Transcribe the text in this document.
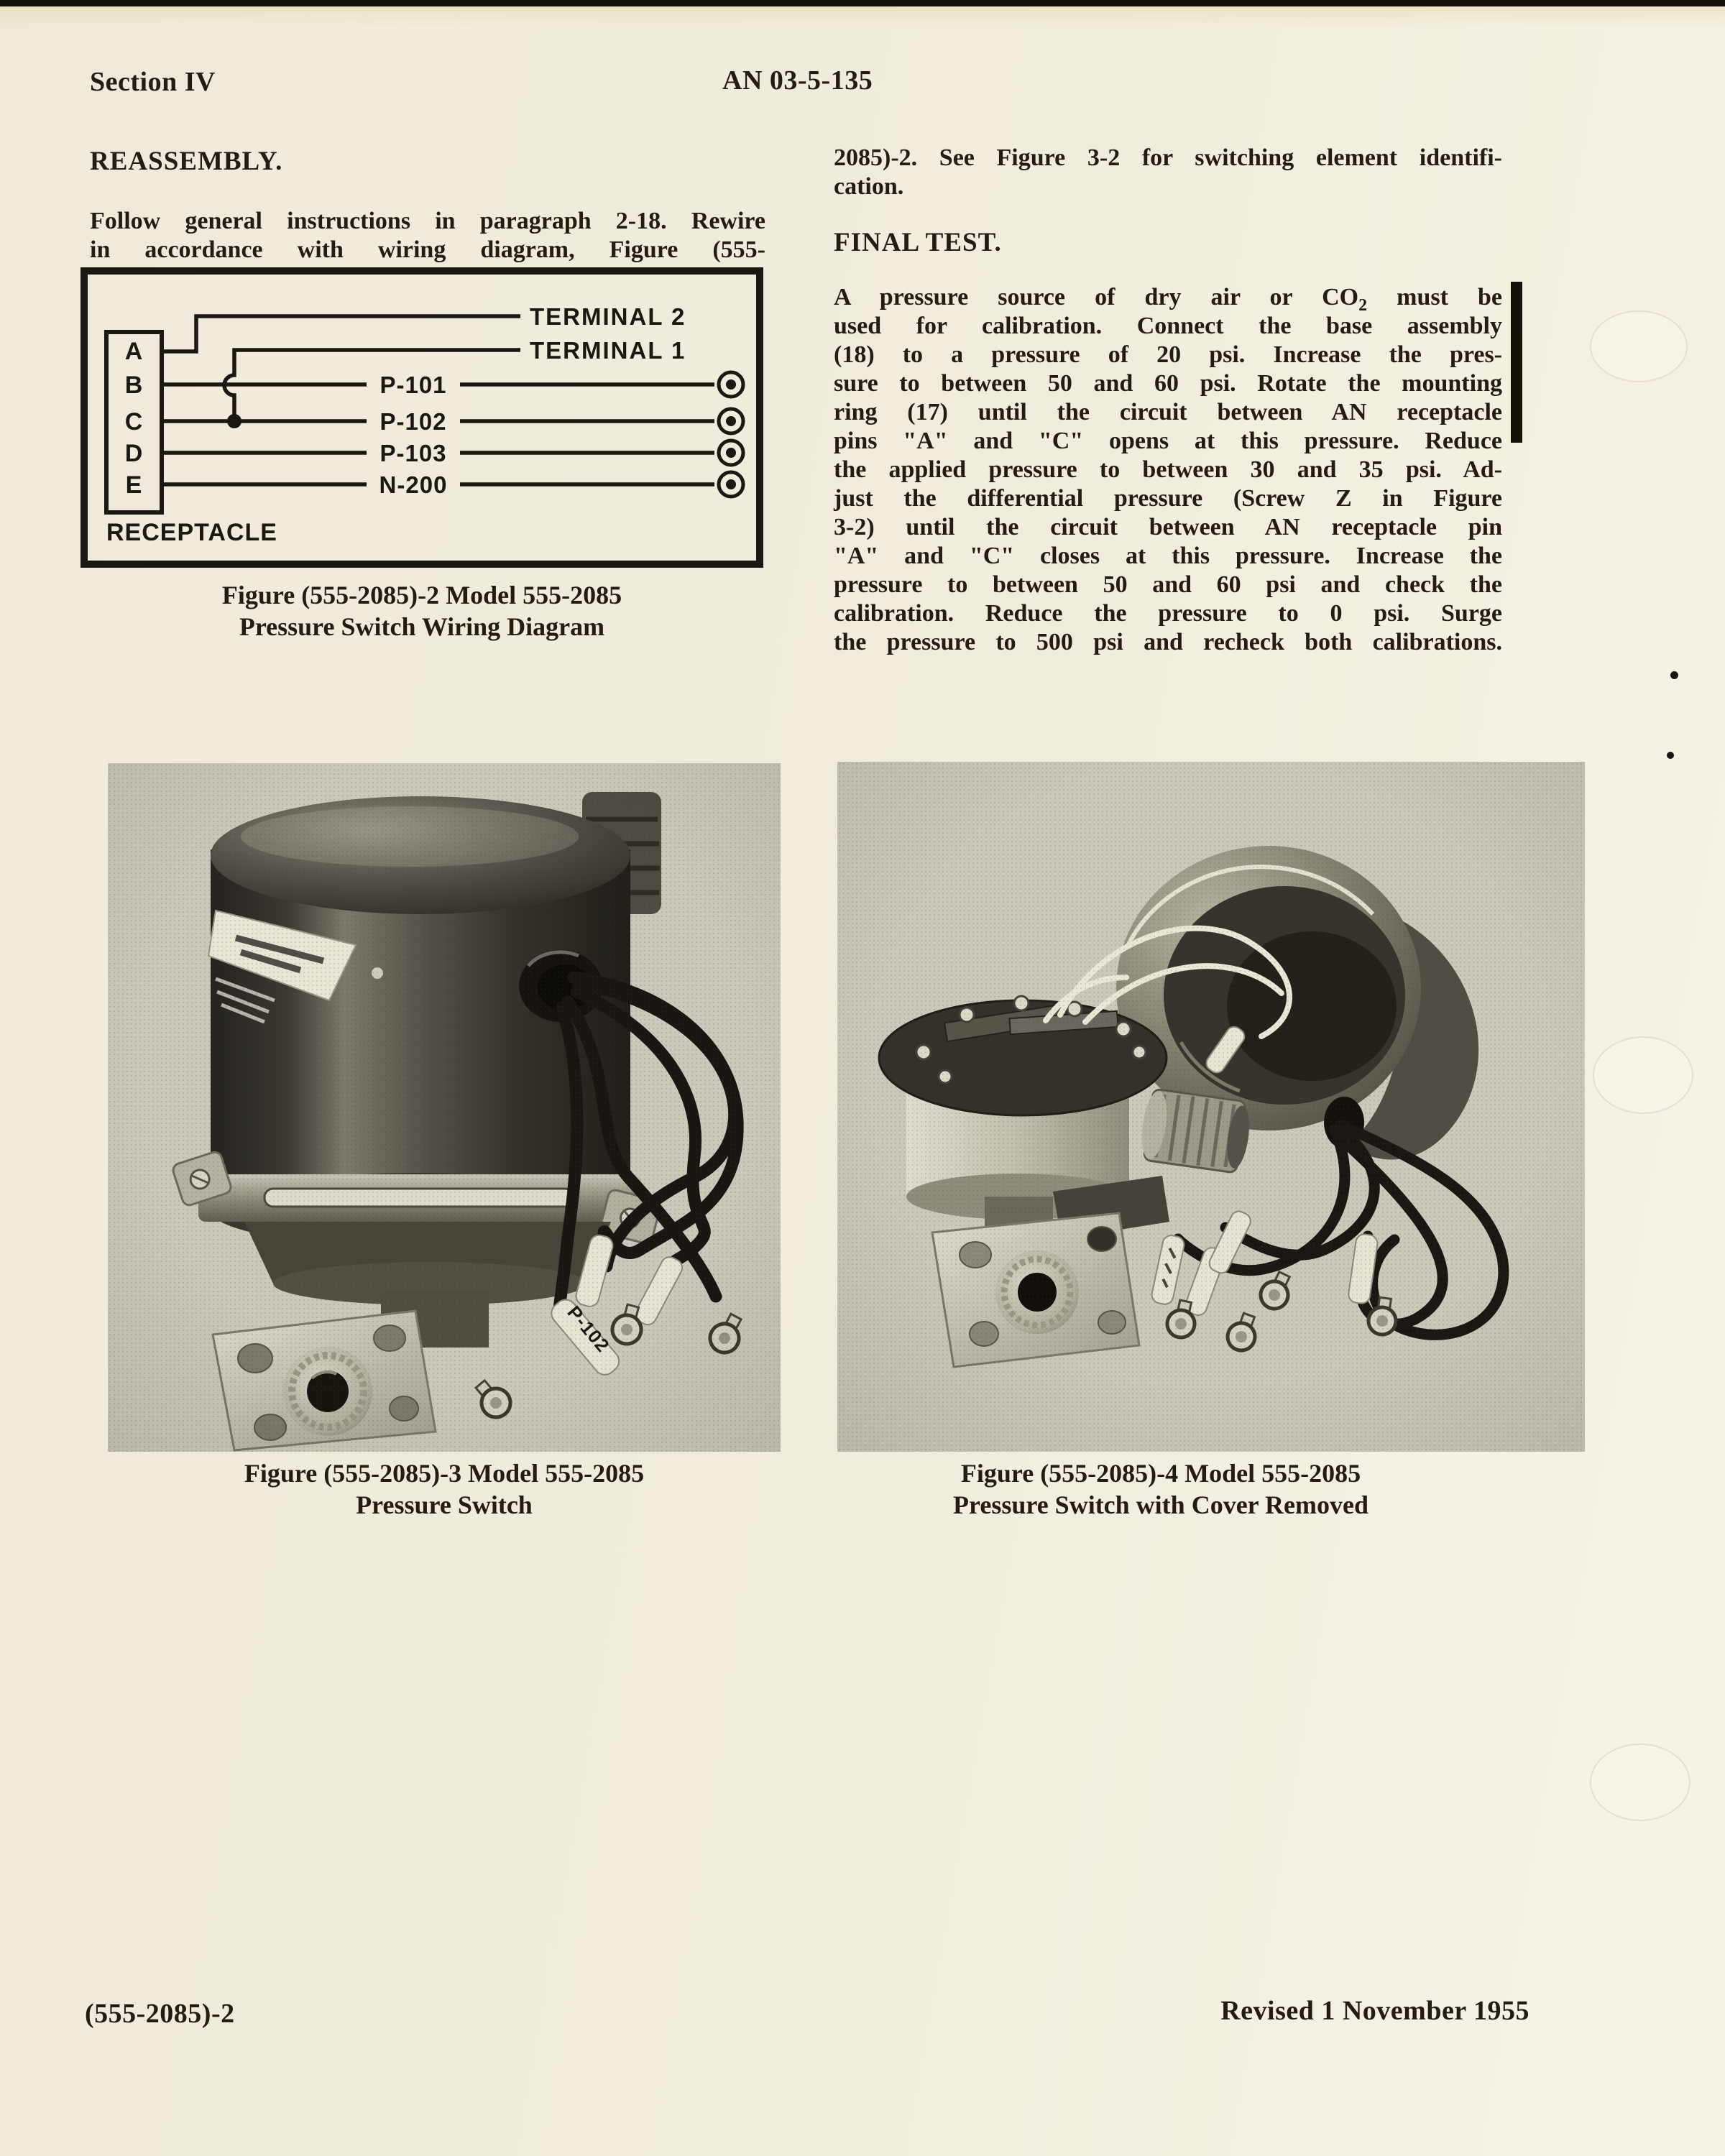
Section IV	AN 03-5-135
REASSEMBLY.
Follow general instructions in paragraph 2-18. Rewire
in accordance with wiring diagram, Figure (555-
A
B
C
D
E
RECEPTACLE
TERMINAL 2
TERMINAL 1
P-101
P-102
P-103
N-200
Figure (555-2085)-2 Model 555-2085
Pressure Switch Wiring Diagram
2085)-2. See Figure 3-2 for switching element identifi-
cation.
FINAL TEST.
A pressure source of dry air or $CO_2$ must be
used for calibration. Connect the base assembly
(18) to a pressure of 20 psi. Increase the pres-
sure to between 50 and 60 psi. Rotate the mounting
ring (17) until the circuit between AN receptacle
pins "A" and "C" opens at this pressure. Reduce
the applied pressure to between 30 and 35 psi. Ad-
just the differential pressure (Screw Z in Figure
3-2) until the circuit between AN receptacle pin
"A" and "C" closes at this pressure. Increase the
pressure to between 50 and 60 psi and check the
calibration. Reduce the pressure to 0 psi. Surge
the pressure to 500 psi and recheck both calibrations.
Figure (555-2085)-3 Model 555-2085
Pressure Switch
Figure (555-2085)-4 Model 555-2085
Pressure Switch with Cover Removed
(555-2085)-2	Revised 1 November 1955
